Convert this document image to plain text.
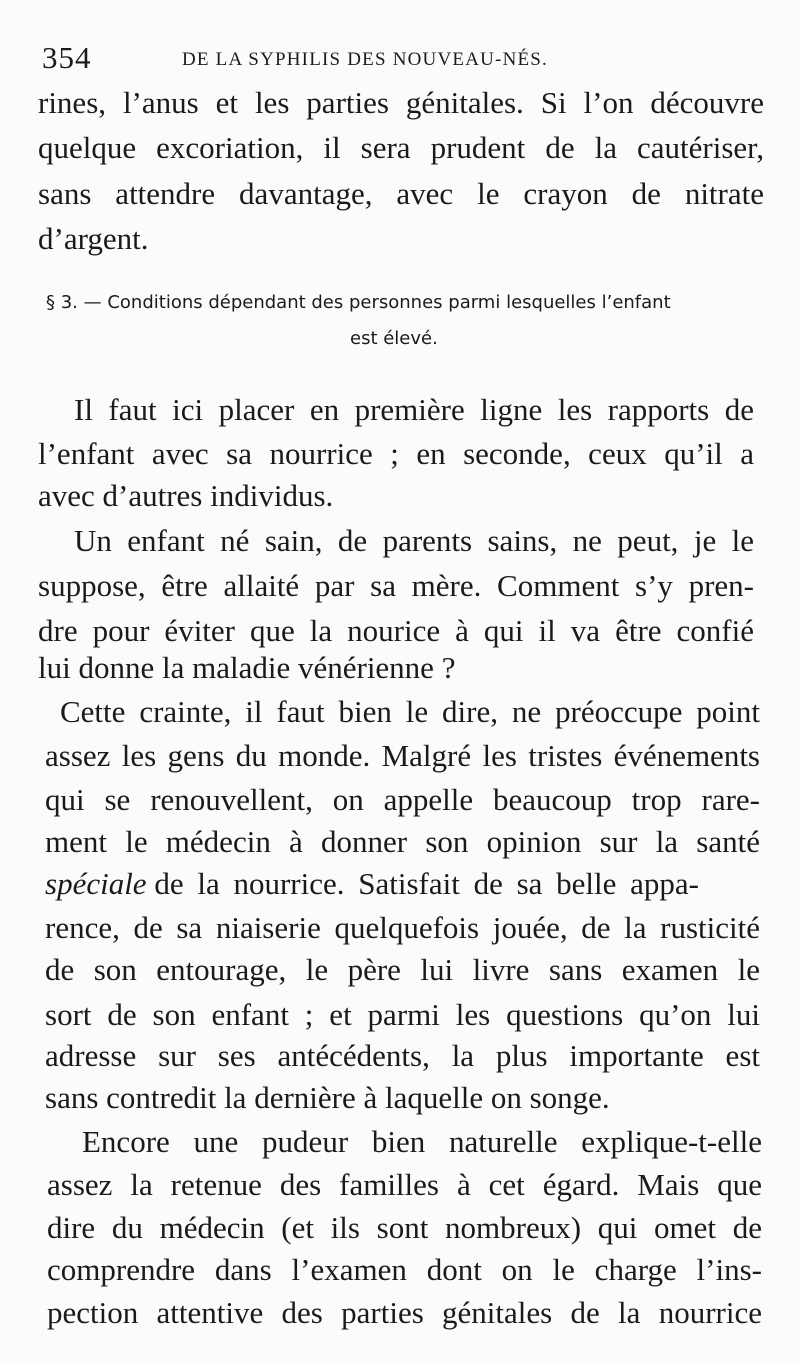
354	DE LA SYPHILIS DES NOUVEAU-NÉS.
rines, l’anus et les parties génitales. Si l’on découvre
quelque excoriation, il sera prudent de la cautériser,
sans attendre davantage, avec le crayon de nitrate
d’argent.
§ 3. — Conditions dépendant des personnes parmi lesquelles l’enfant
est élevé.
Il faut ici placer en première ligne les rapports de
l’enfant avec sa nourrice ; en seconde, ceux qu’il a
avec d’autres individus.
Un enfant né sain, de parents sains, ne peut, je le
suppose, être allaité par sa mère. Comment s’y pren-
dre pour éviter que la nourice à qui il va être confié
lui donne la maladie vénérienne ?
Cette crainte, il faut bien le dire, ne préoccupe point
assez les gens du monde. Malgré les tristes événements
qui se renouvellent, on appelle beaucoup trop rare-
ment le médecin à donner son opinion sur la santé
spéciale de la nourrice. Satisfait de sa belle appa-
rence, de sa niaiserie quelquefois jouée, de la rusticité
de son entourage, le père lui livre sans examen le
sort de son enfant ; et parmi les questions qu’on lui
adresse sur ses antécédents, la plus importante est
sans contredit la dernière à laquelle on songe.
Encore une pudeur bien naturelle explique-t-elle
assez la retenue des familles à cet égard. Mais que
dire du médecin (et ils sont nombreux) qui omet de
comprendre dans l’examen dont on le charge l’ins-
pection attentive des parties génitales de la nourrice
